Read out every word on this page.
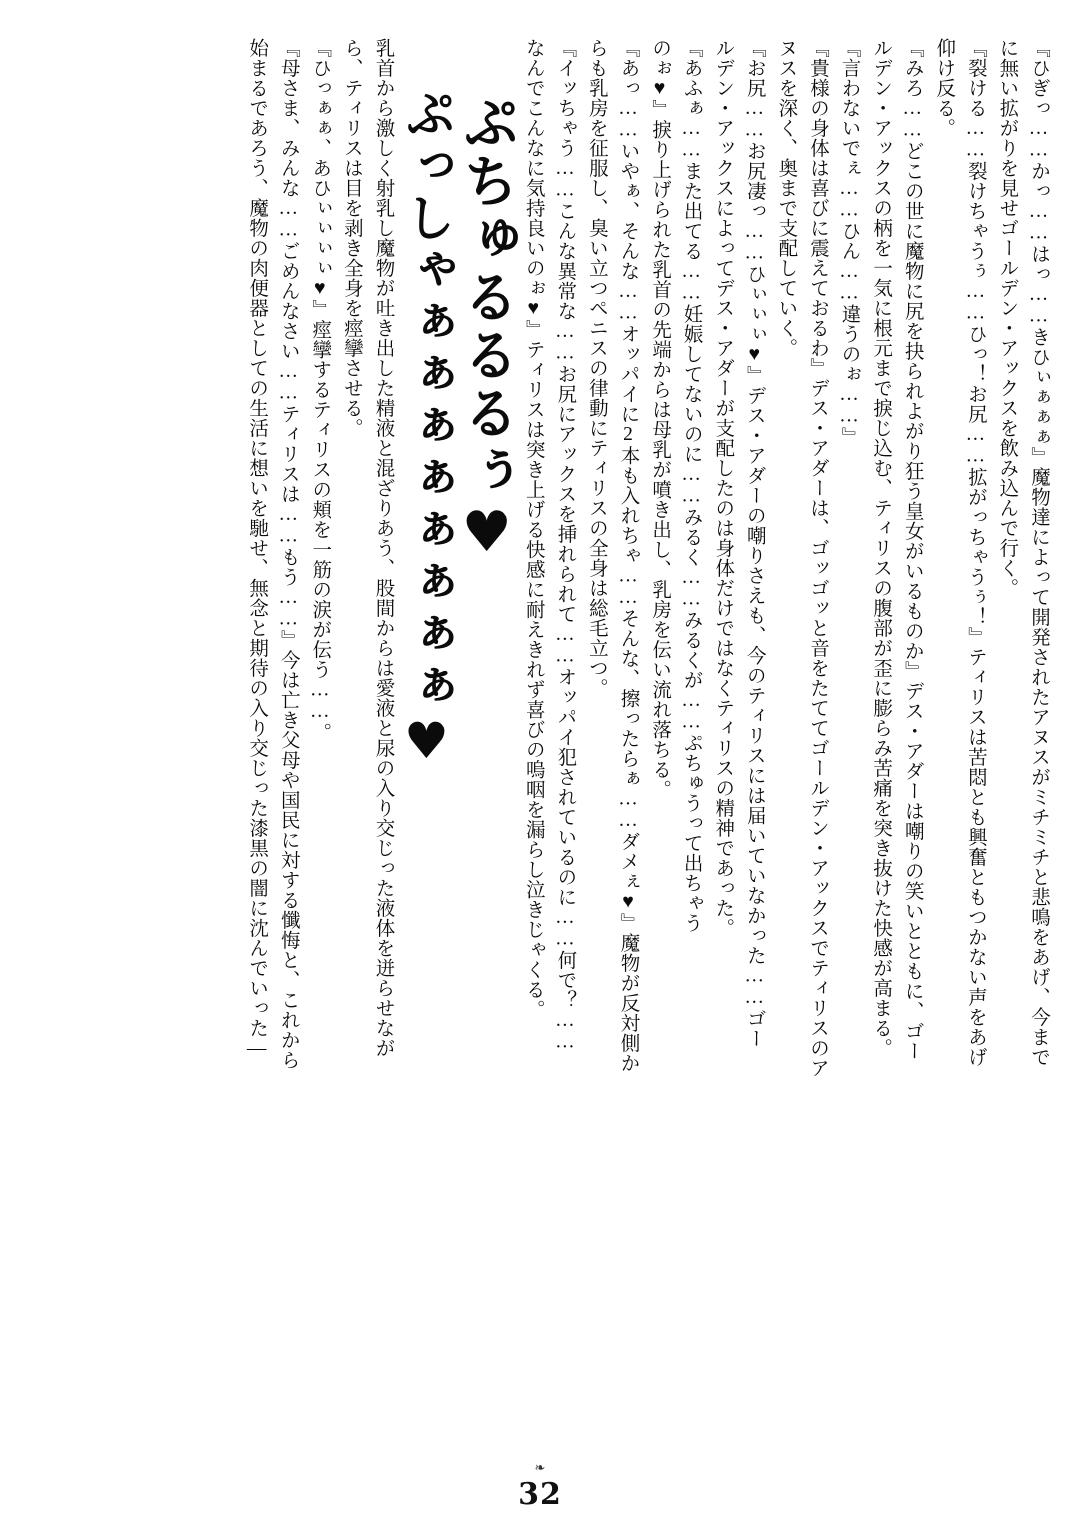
『ひぎっ……かっ……はっ……きひぃぁぁぁ』魔物達によって開発されたアヌスがミチミチと悲鳴をあげ、今まで

に無い拡がりを見せゴールデン・アックスを飲み込んで行く。

『裂ける……裂けちゃうぅ……ひっ！お尻……拡がっちゃうぅ！』ティリスは苦悶とも興奮ともつかない声をあげ

仰け反る。

『みろ……どこの世に魔物に尻を抉られよがり狂う皇女がいるものか』デス・アダーは嘲りの笑いとともに、ゴー

ルデン・アックスの柄を一気に根元まで捩じ込む、ティリスの腹部が歪に膨らみ苦痛を突き抜けた快感が高まる。

『言わないでぇ……ひん……違うのぉ……』

『貴様の身体は喜びに震えておるわ』デス・アダーは、ゴッゴッと音をたててゴールデン・アックスでティリスのア

ヌスを深く、奥まで支配していく。

『お尻……お尻凄っ……ひぃぃぃ♥』デス・アダーの嘲りさえも、今のティリスには届いていなかった……ゴー

ルデン・アックスによってデス・アダーが支配したのは身体だけではなくティリスの精神であった。

『あふぁ……また出てる……妊娠してないのに……みるく……みるくが……ぷちゅうって出ちゃう

のぉ♥』捩り上げられた乳首の先端からは母乳が噴き出し、乳房を伝い流れ落ちる。

『あっ……いやぁ、そんな……オッパイに2本も入れちゃ……そんな、擦ったらぁ……ダメぇ♥』魔物が反対側か

らも乳房を征服し、臭い立つペニスの律動にティリスの全身は総毛立つ。

『イッちゃう……こんな異常な……お尻にアックスを挿れられて……オッパイ犯されているのに……何で？……

なんでこんなに気持良いのぉ♥』ティリスは突き上げる快感に耐えきれず喜びの嗚咽を漏らし泣きじゃくる。

ぷちゅるるるぅ♥

ぷっしゃぁぁぁぁぁぁぁぁ♥

乳首から激しく射乳し魔物が吐き出した精液と混ざりあう、股間からは愛液と尿の入り交じった液体を迸らせなが

ら、ティリスは目を剥き全身を痙攣させる。

『ひっぁぁ、あひぃぃぃぃ♥』痙攣するティリスの頬を一筋の涙が伝う……。

『母さま、みんな……ごめんなさい……ティリスは……もう……』今は亡き父母や国民に対する懺悔と、これから

始まるであろう、魔物の肉便器としての生活に想いを馳せ、無念と期待の入り交じった漆黒の闇に沈んでいった―

❧
32
